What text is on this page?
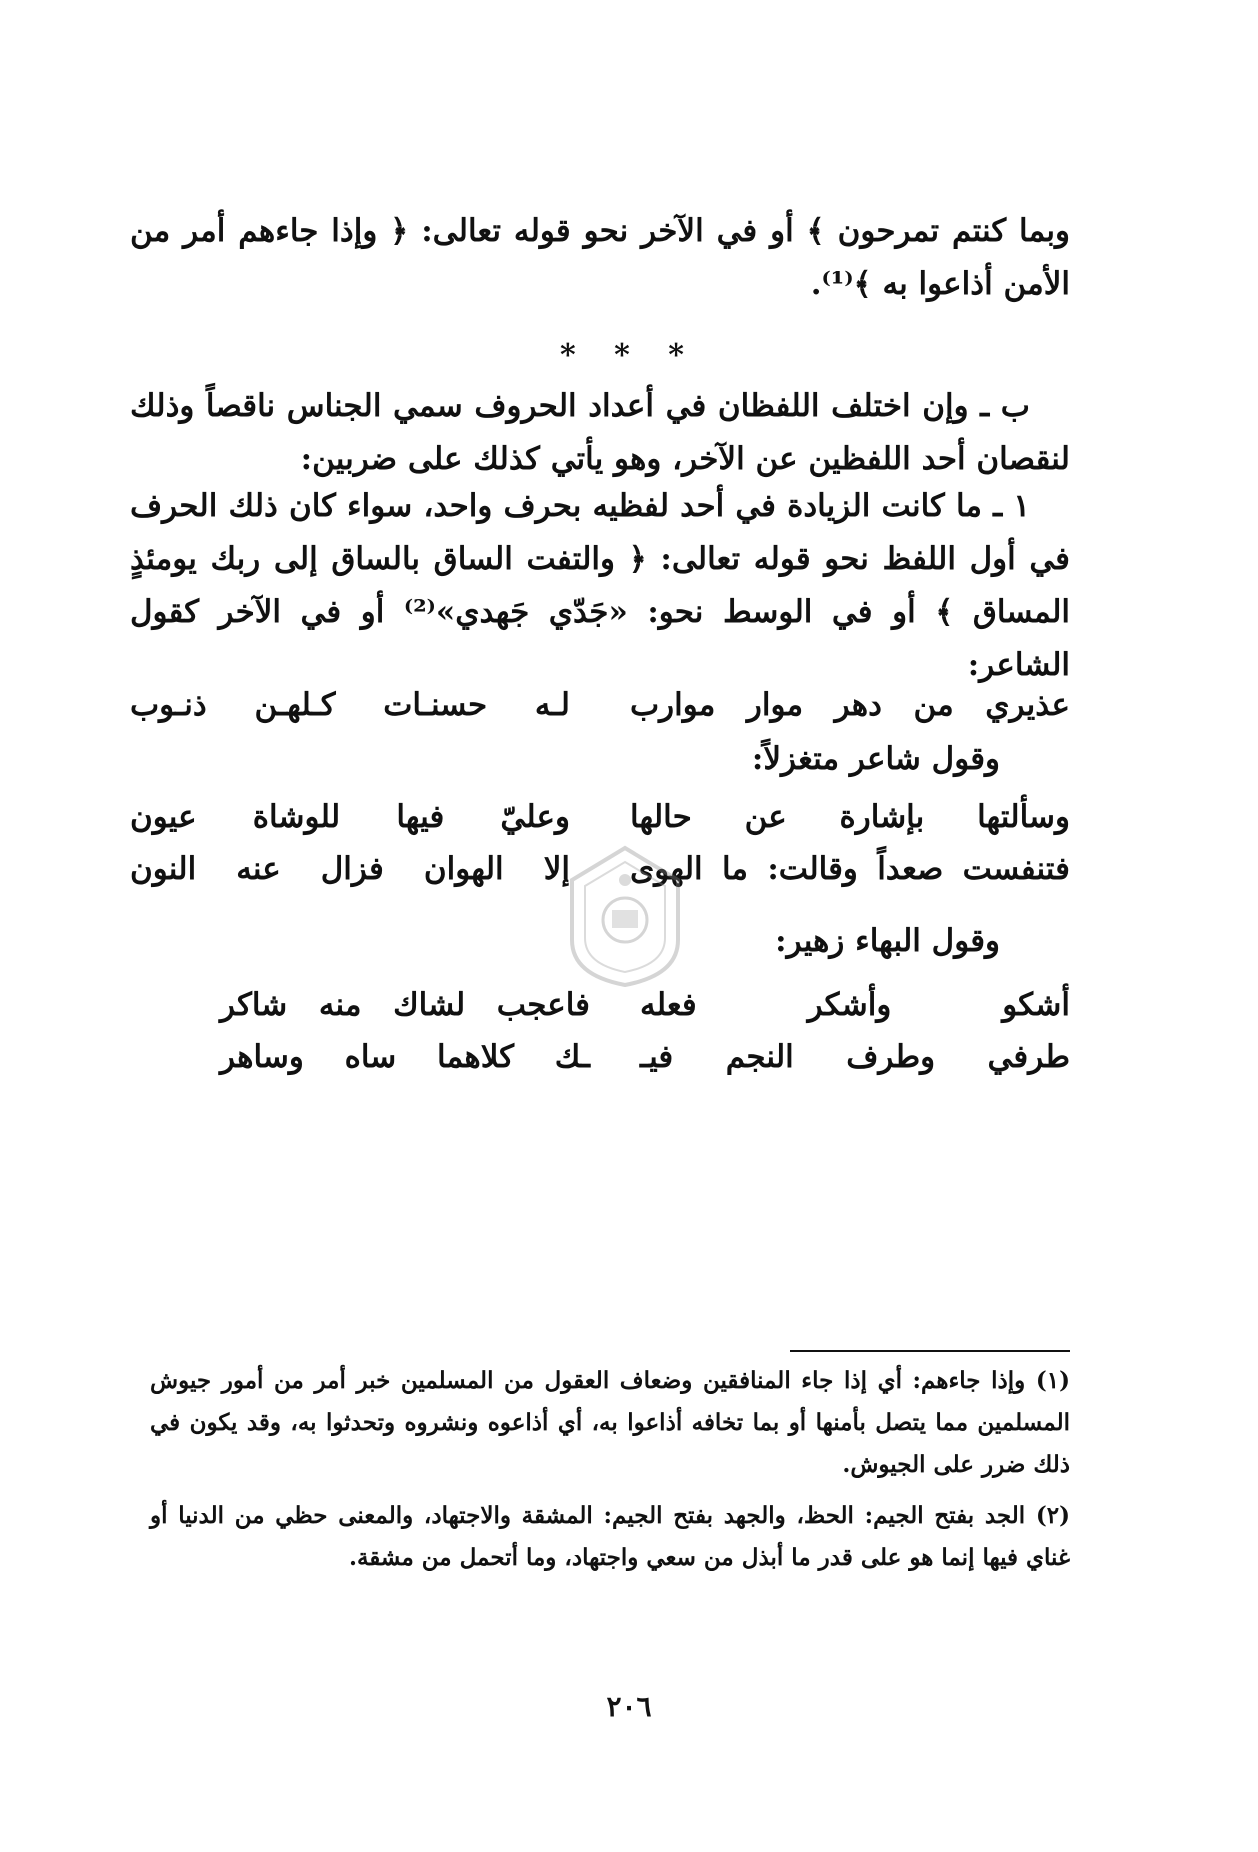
وبما كنتم تمرحون ﴾ أو في الآخر نحو قوله تعالى: ﴿ وإذا جاءهم أمر من الأمن أذاعوا به ﴾⁽¹⁾.
* * *
ب ـ وإن اختلف اللفظان في أعداد الحروف سمي الجناس ناقصاً وذلك لنقصان أحد اللفظين عن الآخر، وهو يأتي كذلك على ضربين:
١ ـ ما كانت الزيادة في أحد لفظيه بحرف واحد، سواء كان ذلك الحرف في أول اللفظ نحو قوله تعالى: ﴿ والتفت الساق بالساق إلى ربك يومئذٍ المساق ﴾ أو في الوسط نحو: «جَدّي جَهدي»⁽²⁾ أو في الآخر كقول الشاعر:
عذيري من دهر موار موارب
لـه حسنـات كـلهـن ذنـوب
وقول شاعر متغزلاً:
وسألتها بإشارة عن حالها
وعليّ فيها للوشاة عيون
فتنفست صعداً وقالت: ما الهوى
إلا الهوان فزال عنه النون
وقول البهاء زهير:
أشكو وأشكر فعله
فاعجب لشاك منه شاكر
طرفي وطرف النجم فيـ
ـك كلاهما ساه وساهر
(١) وإذا جاءهم: أي إذا جاء المنافقين وضعاف العقول من المسلمين خبر أمر من أمور جيوش المسلمين مما يتصل بأمنها أو بما تخافه أذاعوا به، أي أذاعوه ونشروه وتحدثوا به، وقد يكون في ذلك ضرر على الجيوش.
(٢) الجد بفتح الجيم: الحظ، والجهد بفتح الجيم: المشقة والاجتهاد، والمعنى حظي من الدنيا أو غناي فيها إنما هو على قدر ما أبذل من سعي واجتهاد، وما أتحمل من مشقة.
٢٠٦
